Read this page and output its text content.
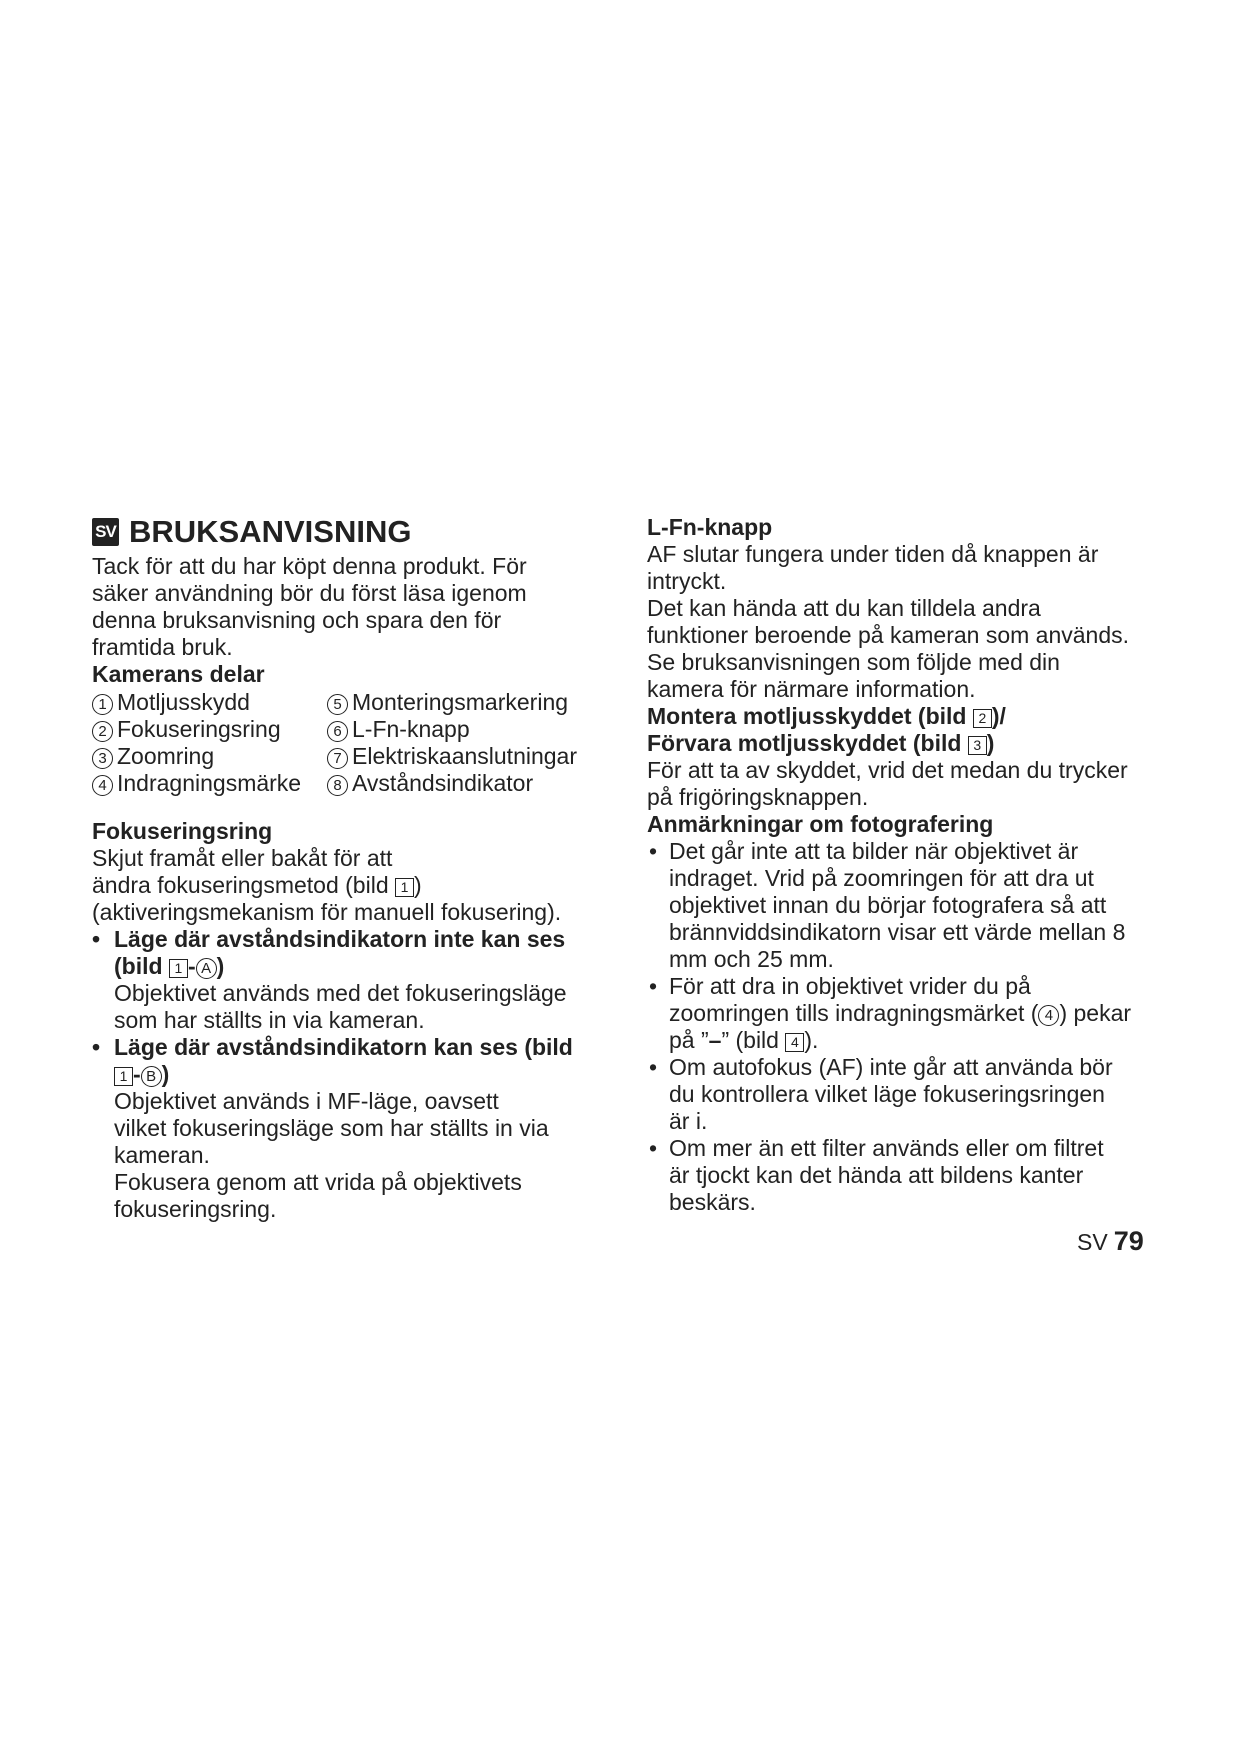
SV BRUKSANVISNING
Tack för att du har köpt denna produkt. För
säker användning bör du först läsa igenom
denna bruksanvisning och spara den för
framtida bruk.
Kamerans delar
1 Motljusskydd
2 Fokuseringsring
3 Zoomring
4 Indragningsmärke
5 Monteringsmarkering
6 L-Fn-knapp
7 Elektriskaanslutningar
8 Avståndsindikator
Fokuseringsring
Skjut framåt eller bakåt för att
ändra fokuseringsmetod (bild 1 )
(aktiveringsmekanism för manuell fokusering).
• Läge där avståndsindikatorn inte kan ses
(bild 1 - A )
Objektivet används med det fokuseringsläge
som har ställts in via kameran.
• Läge där avståndsindikatorn kan ses (bild
1 - B )
Objektivet används i MF-läge, oavsett
vilket fokuseringsläge som har ställts in via
kameran.
Fokusera genom att vrida på objektivets
fokuseringsring.
L-Fn-knapp
AF slutar fungera under tiden då knappen är
intryckt.
Det kan hända att du kan tilldela andra
funktioner beroende på kameran som används.
Se bruksanvisningen som följde med din
kamera för närmare information.
Montera motljusskyddet (bild 2 )/
Förvara motljusskyddet (bild 3 )
För att ta av skyddet, vrid det medan du trycker
på frigöringsknappen.
Anmärkningar om fotografering
• Det går inte att ta bilder när objektivet är
indraget. Vrid på zoomringen för att dra ut
objektivet innan du börjar fotografera så att
brännviddsindikatorn visar ett värde mellan 8
mm och 25 mm.
• För att dra in objektivet vrider du på
zoomringen tills indragningsmärket ( 4 ) pekar
på ”–” (bild 4 ).
• Om autofokus (AF) inte går att använda bör
du kontrollera vilket läge fokuseringsringen
är i.
• Om mer än ett filter används eller om filtret
är tjockt kan det hända att bildens kanter
beskärs.
SV 79
